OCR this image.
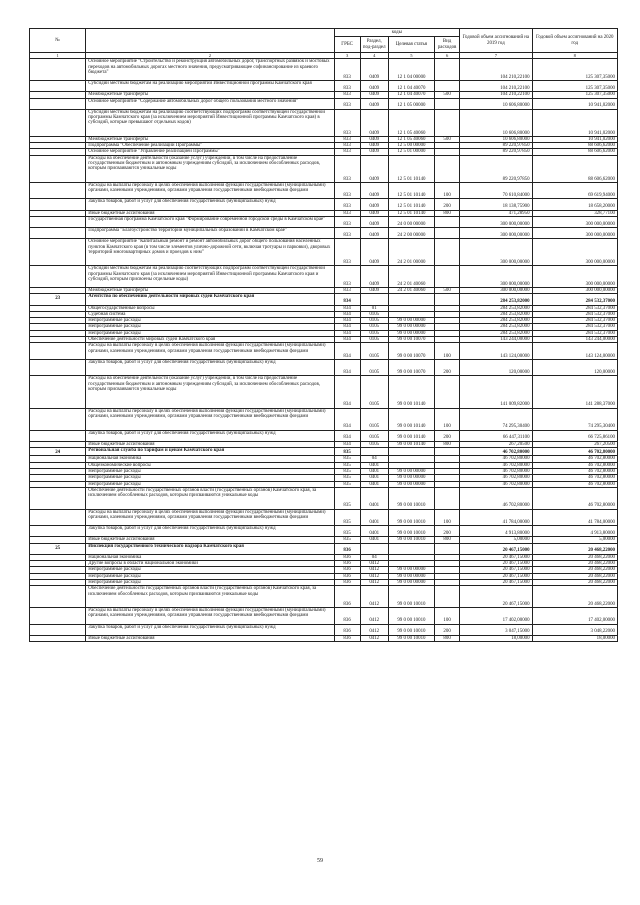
№		коды				Годовой объем ассигнований на 2019 год	Годовой объем ассигнований на 2020 год
		ГРБС	Раздел, под-раздел	Целевая статья	Вид расходов		
1	2	3	4	5	6	7	8
	Основное мероприятие "Строительство и реконструкция автомобильных дорог, транспортных развязок и мостовых переходов на автомобильных дорогах местного значения, предусматривающее софинансирование из краевого бюджета"	833	0409	12 1 04 00000		104 210,22100	125 307,35000
	Субсидии местным бюджетам на реализацию мероприятий Инвестиционной программы Камчатского края	833	0409	12 1 04 40070		104 210,22100	125 307,35000
	Межбюджетные трансферты	833	0409	12 1 04 40070	500	104 210,22100	125 307,35000
	Основное мероприятие "Содержание автомобильных дорог общего пользования местного значения"	833	0409	12 1 05 00000		10 606,80000	10 941,02000
	Субсидии местным бюджетам на реализацию соответствующих подпрограмм соответствующей государственной программы Камчатского края (за исключением мероприятий Инвестиционной программы Камчатского края) в субсидий, которые превышают отдельных кодов)	833	0409	12 1 05 40060		10 606,80000	10 941,02000
	Межбюджетные трансферты	833	0409	12 1 05 40060	500	10 606,80000	10 941,02000
	Подпрограмма "Обеспечение реализации Программы"	833	0409	12 5 00 00000		89 220,97850	88 606,62000
	Основное мероприятие "Управление реализацией Программы"	833	0409	12 5 01 00000		89 220,97850	88 606,62000
	Расходы на обеспечение деятельности (оказание услуг) учреждений, в том числе на предоставление государственным бюджетным и автономным учреждениям субсидий, за исключением обособленных расходов, которым присваиваются уникальные коды	833	0409	12 5 01 10140		89 220,97850	88 606,62000
	Расходы на выплаты персоналу в целях обеспечения выполнения функций государственными (муниципальными) органами, казенными учреждениями, органами управления государственными внебюджетными фондами	833	0409	12 5 01 10140	100	70 610,84000	69 619,94000
	Закупка товаров, работ и услуг для обеспечения государственных (муниципальных) нужд	833	0409	12 5 01 10140	200	18 138,75900	18 658,20000
	Иные бюджетные ассигнования	833	0409	12 5 01 10140	800	471,28950	328,77100
	Государственная программа Камчатского края "Формирование современной городской среды в Камчатском крае"	833	0409	24 0 00 00000		300 000,00000	300 000,00000
	Подпрограмма "Благоустройство территорий муниципальных образований в Камчатском крае"	833	0409	24 2 00 00000		300 000,00000	300 000,00000
	Основное мероприятие "Капитальный ремонт и ремонт автомобильных дорог общего пользования населенных пунктов Камчатского края (в том числе элементов улично-дорожной сети, включая тротуары и парковки), дворовых территорий многоквартирных домов и проездов к ним"	833	0409	24 2 01 00000		300 000,00000	300 000,00000
	Субсидии местным бюджетам на реализацию соответствующих подпрограмм соответствующей государственной программы Камчатского края (за исключением мероприятий Инвестиционной программы Камчатского края и субсидий, которым присвоены отдельные коды)	833	0409	24 2 01 40060		300 000,00000	300 000,00000
	Межбюджетные трансферты	833	0409	24 2 01 40060	500	300 000,00000	300 000,00000
23	Агентство по обеспечению деятельности мировых судей Камчатского края	834				284 253,82000	284 532,37000
	Общегосударственные вопросы	834	01			284 253,82000	284 532,37000
	Судебная система	834	0105			284 253,82000	284 532,37000
	Непрограммные расходы	834	0105	99 0 00 00000		284 253,82000	284 532,37000
	Непрограммные расходы	834	0105	99 0 00 00000		284 253,82000	284 532,37000
	Непрограммные расходы	834	0105	99 0 00 00000		284 253,82000	284 532,37000
	Обеспечение деятельности мировых судей Камчатского края	834	0105	99 0 00 10070		143 244,00000	143 244,00000
	Расходы на выплаты персоналу в целях обеспечения выполнения функций государственными (муниципальными) органами, казенными учреждениями, органами управления государственными внебюджетными фондами	834	0105	99 0 00 10070	100	143 124,00000	143 124,00000
	Закупка товаров, работ и услуг для обеспечения государственных (муниципальных) нужд	834	0105	99 0 00 10070	200	120,00000	120,00000
	Расходы на обеспечение деятельности (оказание услуг) учреждений, в том числе на предоставление государственным бюджетным и автономным учреждениям субсидий, за исключением обособленных расходов, которым присваиваются уникальные коды	834	0105	99 0 00 10140		141 009,82000	141 288,37000
	Расходы на выплаты персоналу в целях обеспечения выполнения функций государственными (муниципальными) органами, казенными учреждениями, органами управления государственными внебюджетными фондами	834	0105	99 0 00 10140	100	74 295,30400	74 295,30400
	Закупка товаров, работ и услуг для обеспечения государственных (муниципальных) нужд	834	0105	99 0 00 10140	200	66 447,31100	66 725,86100
	Иные бюджетные ассигнования	834	0105	99 0 00 10140	800	267,20500	267,20500
24	Региональная служба по тарифам и ценам Камчатского края	835				46 702,80000	46 702,80000
	Национальная экономика	835	04			46 702,80000	46 702,80000
	Общеэкономические вопросы	835	0401			46 702,80000	46 702,80000
	Непрограммные расходы	835	0401	99 0 00 00000		46 702,80000	46 702,80000
	Непрограммные расходы	835	0401	99 0 00 00000		46 702,80000	46 702,80000
	Непрограммные расходы	835	0401	99 0 00 00000		46 702,80000	46 702,80000
	Обеспечение деятельности государственных органов власти (государственных органов) Камчатского края, за исключением обособленных расходов, которым присваиваются уникальные коды	835	0401	99 0 00 10010		46 702,80000	46 702,80000
	Расходы на выплаты персоналу в целях обеспечения выполнения функций государственными (муниципальными) органами, казенными учреждениями, органами управления государственными внебюджетными фондами	835	0401	99 0 00 10010	100	41 784,00000	41 784,00000
	Закупка товаров, работ и услуг для обеспечения государственных (муниципальных) нужд	835	0401	99 0 00 10010	200	4 913,80000	4 913,80000
	Иные бюджетные ассигнования	835	0401	99 0 00 10010	800	5,00000	5,00000
25	Инспекция государственного технического надзора Камчатского края	836				20 467,15000	20 468,22000
	Национальная экономика	836	04			20 467,15000	20 468,22000
	Другие вопросы в области национальной экономики	836	0412			20 467,15000	20 468,22000
	Непрограммные расходы	836	0412	99 0 00 00000		20 467,15000	20 468,22000
	Непрограммные расходы	836	0412	99 0 00 00000		20 467,15000	20 468,22000
	Непрограммные расходы	836	0412	99 0 00 00000		20 467,15000	20 468,22000
	Обеспечение деятельности государственных органов власти (государственных органов) Камчатского края, за исключением обособленных расходов, которым присваиваются уникальные коды	836	0412	99 0 00 10010		20 467,15000	20 468,22000
	Расходы на выплаты персоналу в целях обеспечения выполнения функций государственными (муниципальными) органами, казенными учреждениями, органами управления государственными внебюджетными фондами	836	0412	99 0 00 10010	100	17 402,00000	17 402,00000
	Закупка товаров, работ и услуг для обеспечения государственных (муниципальных) нужд	836	0412	99 0 00 10010	200	3 047,15000	3 048,22000
	Иные бюджетные ассигнования	836	0412	99 0 00 10010	800	18,00000	18,00000
59
